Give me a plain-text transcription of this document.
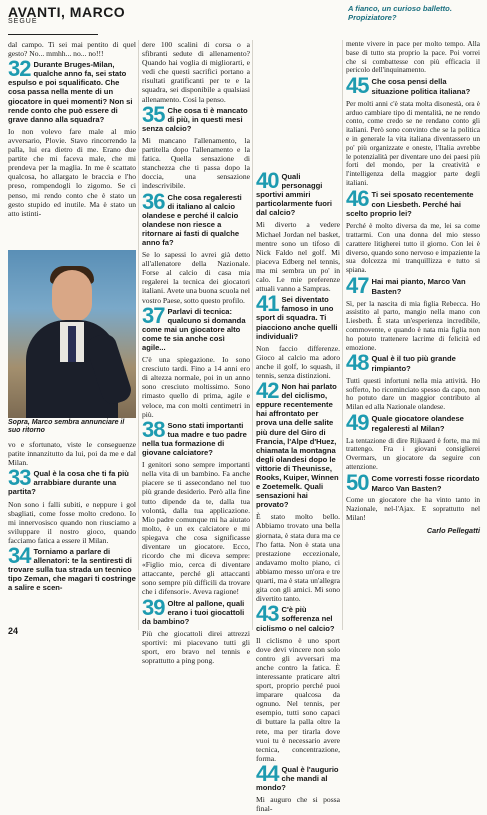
AVANTI, MARCO
SEGUE

dal campo. Ti sei mai pentito di quel gesto? No... mmhh... no... no!!!

32 Durante Bruges-Milan, qualche anno fa, sei stato espulso e poi squalificato. Che cosa passa nella mente di un giocatore in quei momenti? Non si rende conto che può essere di grave danno alla squadra?

Io non volevo fare male al mio avversario, Plovie. Stavo rincorrendo la palla, lui era dietro di me. Erano due partite che mi faceva male, che mi prendeva per la maglia. In me è scattato qualcosa, ho allargato le braccia e l'ho preso, rompendogli lo zigomo. Se ci penso, mi rendo conto che è stato un gesto stupido ed inutile. Ma è stato un atto istinti-

Sopra, Marco sembra annunciare il suo ritorno

vo e sfortunato, viste le conseguenze patite innanzitutto da lui, poi da me e dal Milan.

33 Qual è la cosa che ti fa più arrabbiare durante una partita?

Non sono i falli subiti, e neppure i gol sbagliati, come fosse molto credono. Io mi innervosisco quando non riusciamo a sviluppare il nostro gioco, quando facciamo fatica a essere il Milan.

34 Torniamo a parlare di allenatori: te la sentiresti di trovare sulla tua strada un tecnico tipo Zeman, che magari ti costringe a salire e scen-
24

dere 100 scalini di corsa o a sfibranti sedute di allenamento? Quando hai voglia di migliorarti, e vedi che questi sacrifici portano a risultati gratificanti per te e la squadra, sei disponibile a qualsiasi allenamento. Così la penso.

35 Che cosa ti è mancato di più, in questi mesi senza calcio?

Mi mancano l'allenamento, la partitella dopo l'allenamento e la fatica. Quella sensazione di stanchezza che ti passa dopo la doccia, una sensazione indescrivibile.

36 Che cosa regaleresti di italiano al calcio olandese e perché il calcio olandese non riesce a ritornare ai fasti di qualche anno fa?

Se lo sapessi lo avrei già detto all'allenatore della Nazionale. Forse al calcio di casa mia regalerei la tecnica dei giocatori italiani. Avete una buona scuola nel vostro Paese, sotto questo profilo.

37 Parlavi di tecnica: qualcuno si domanda come mai un giocatore alto come te sia anche così agile...

C'è una spiegazione. Io sono cresciuto tardi. Fino a 14 anni ero di altezza normale, poi in un anno sono cresciuto moltissimo. Sono rimasto quello di prima, agile e veloce, ma con molti centimetri in più.

38 Sono stati importanti tua madre e tuo padre nella tua formazione di giovane calciatore?

I genitori sono sempre importanti nella vita di un bambino. Fa anche piacere se ti assecondano nel tuo più grande desiderio. Però alla fine tutto dipende da te, dalla tua volontà, dalla tua applicazione. Mio padre comunque mi ha aiutato molto, è un ex calciatore e mi spiegava che cosa significasse diventare un giocatore. Ecco, ricordo che mi diceva sempre: «Figlio mio, cerca di diventare attaccante, perché gli attaccanti sono sempre più difficili da trovare che i difensori». Aveva ragione!

39 Oltre al pallone, quali erano i tuoi giocattoli da bambino?

Più che giocattoli direi attrezzi sportivi: mi piacevano tutti gli sport, ero bravo nel tennis e soprattutto a ping pong.

40 Quali personaggi sportivi ammiri particolarmente fuori dal calcio?

Mi diverto a vedere Michael Jordan nel basket, mentre sono un tifoso di Nick Faldo nel golf. Mi piaceva Edberg nel tennis, ma mi sembra un po' in calo. Le mie preferenze attuali vanno a Sampras.

41 Sei diventato famoso in uno sport di squadra. Ti piacciono anche quelli individuali?

Non faccio differenze. Gioco al calcio ma adoro anche il golf, lo squash, il tennis, senza distinzioni.

42 Non hai parlato del ciclismo, eppure recentemente hai affrontato per prova una delle salite più dure del Giro di Francia, l'Alpe d'Huez, chiamata la montagna degli olandesi dopo le vittorie di Theunisse, Rooks, Kuiper, Winnen e Zoetemelk. Quali sensazioni hai provato?

È stato molto bello. Abbiamo trovato una bella giornata, è stata dura ma ce l'ho fatta. Non è stata una prestazione eccezionale, andavamo molto piano, ci abbiamo messo un'ora e tre quarti, ma è stata un'allegra gita con gli amici. Mi sono divertito tanto.

43 C'è più sofferenza nel ciclismo o nel calcio?

Il ciclismo è uno sport dove devi vincere non solo contro gli avversari ma anche contro la fatica. È interessante praticare altri sport, proprio perché puoi imparare qualcosa da ognuno. Nel tennis, per esempio, tutti sono capaci di buttare la palla oltre la rete, ma per tirarla dove vuoi tu è necessario avere tecnica, concentrazione, forma.

44 Qual è l'augurio che mandi al mondo?

Mi auguro che si possa final-

A fianco, un curioso balletto. Propiziatore?

mente vivere in pace per molto tempo. Alla base di tutto sta proprio la pace. Poi vorrei che si combattesse con più efficacia il pericolo dell'inquinamento.

45 Che cosa pensi della situazione politica italiana?

Per molti anni c'è stata molta disonestà, ora è arduo cambiare tipo di mentalità, ne ne rendo conto, come credo se ne rendano conto gli italiani. Però sono convinto che se la politica e in generale la vita italiana diventassero un po' più organizzate e oneste, l'Italia avrebbe le potenzialità per diventare uno dei paesi più forti del mondo, per la creatività e l'intelligenza della maggior parte degli italiani.

46 Ti sei sposato recentemente con Liesbeth. Perché hai scelto proprio lei?

Perché è molto diversa da me, lei sa come trattarmi. Con una donna del mio stesso carattere litigherei tutto il giorno. Con lei è diverso, quando sono nervoso e impaziente la sua dolcezza mi tranquillizza e tutto si spiana.

47 Hai mai pianto, Marco Van Basten?

Sì, per la nascita di mia figlia Rebecca. Ho assistito al parto, mangio nella mano con Liesbeth. È stata un'esperienza incredibile, commovente, e quando è nata mia figlia non ho potuto trattenere lacrime di felicità ed emozione.

48 Qual è il tuo più grande rimpianto?

Tutti questi infortuni nella mia attività. Ho sofferto, ho ricominciato spesso da capo, non ho potuto dare un maggior contributo al Milan ed alla Nazionale olandese.

49 Quale giocatore olandese regaleresti al Milan?

La tentazione di dire Rijkaard è forte, ma mi trattengo. Fra i giovani consiglierei Overmars, un giocatore da seguire con attenzione.

50 Come vorresti fosse ricordato Marco Van Basten?

Come un giocatore che ha vinto tanto in Nazionale, nel-l'Ajax. E soprattutto nel Milan!

Carlo Pellegatti
